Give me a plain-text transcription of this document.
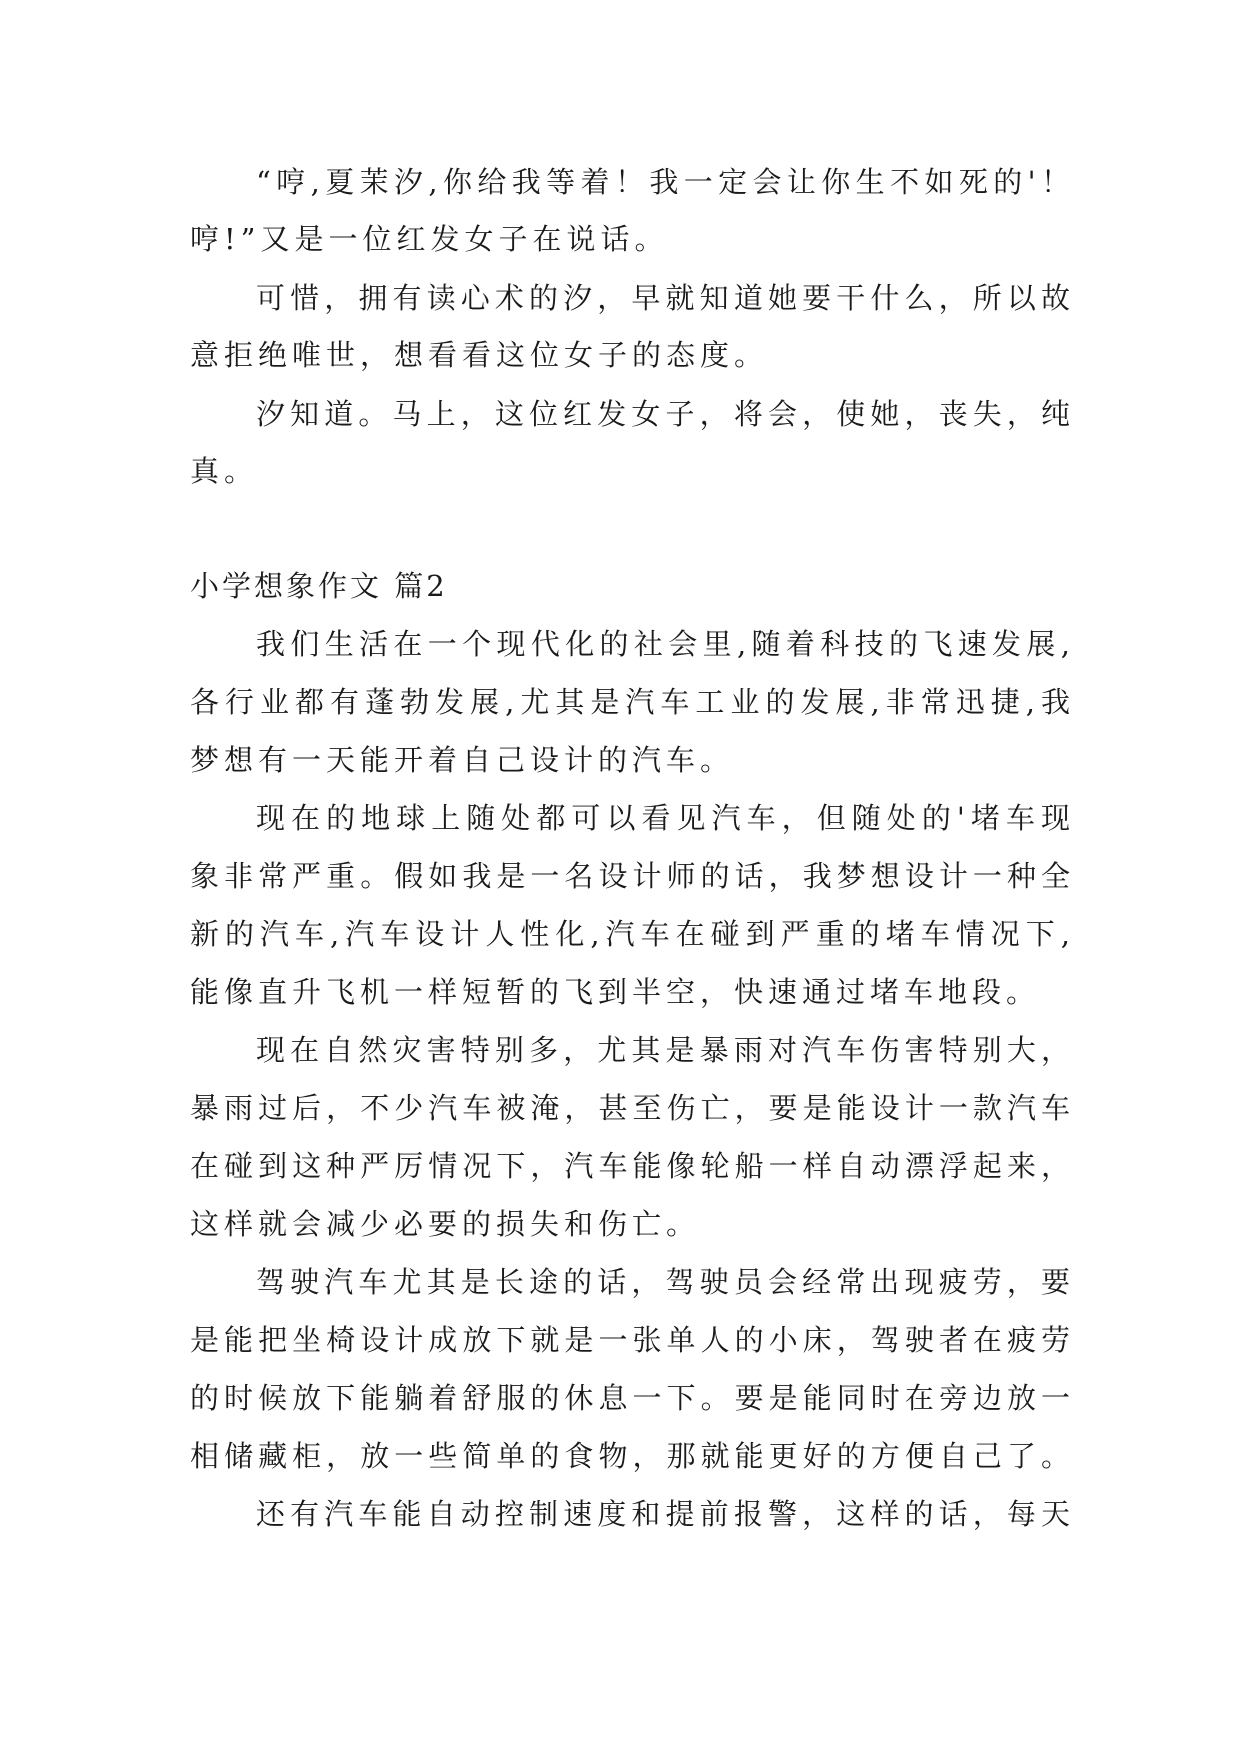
“哼,夏茉汐,你给我等着！我一定会让你生不如死的'！
哼!”又是一位红发女子在说话。
可惜，拥有读心术的汐，早就知道她要干什么，所以故
意拒绝唯世，想看看这位女子的态度。
汐知道。马上，这位红发女子，将会，使她，丧失，纯
真。
小学想象作文 篇2
我们生活在一个现代化的社会里,随着科技的飞速发展,
各行业都有蓬勃发展,尤其是汽车工业的发展,非常迅捷,我
梦想有一天能开着自己设计的汽车。
现在的地球上随处都可以看见汽车，但随处的'堵车现
象非常严重。假如我是一名设计师的话，我梦想设计一种全
新的汽车,汽车设计人性化,汽车在碰到严重的堵车情况下,
能像直升飞机一样短暂的飞到半空，快速通过堵车地段。
现在自然灾害特别多，尤其是暴雨对汽车伤害特别大，
暴雨过后，不少汽车被淹，甚至伤亡，要是能设计一款汽车
在碰到这种严厉情况下，汽车能像轮船一样自动漂浮起来，
这样就会减少必要的损失和伤亡。
驾驶汽车尤其是长途的话，驾驶员会经常出现疲劳，要
是能把坐椅设计成放下就是一张单人的小床，驾驶者在疲劳
的时候放下能躺着舒服的休息一下。要是能同时在旁边放一
相储藏柜，放一些简单的食物，那就能更好的方便自己了。
还有汽车能自动控制速度和提前报警，这样的话，每天
